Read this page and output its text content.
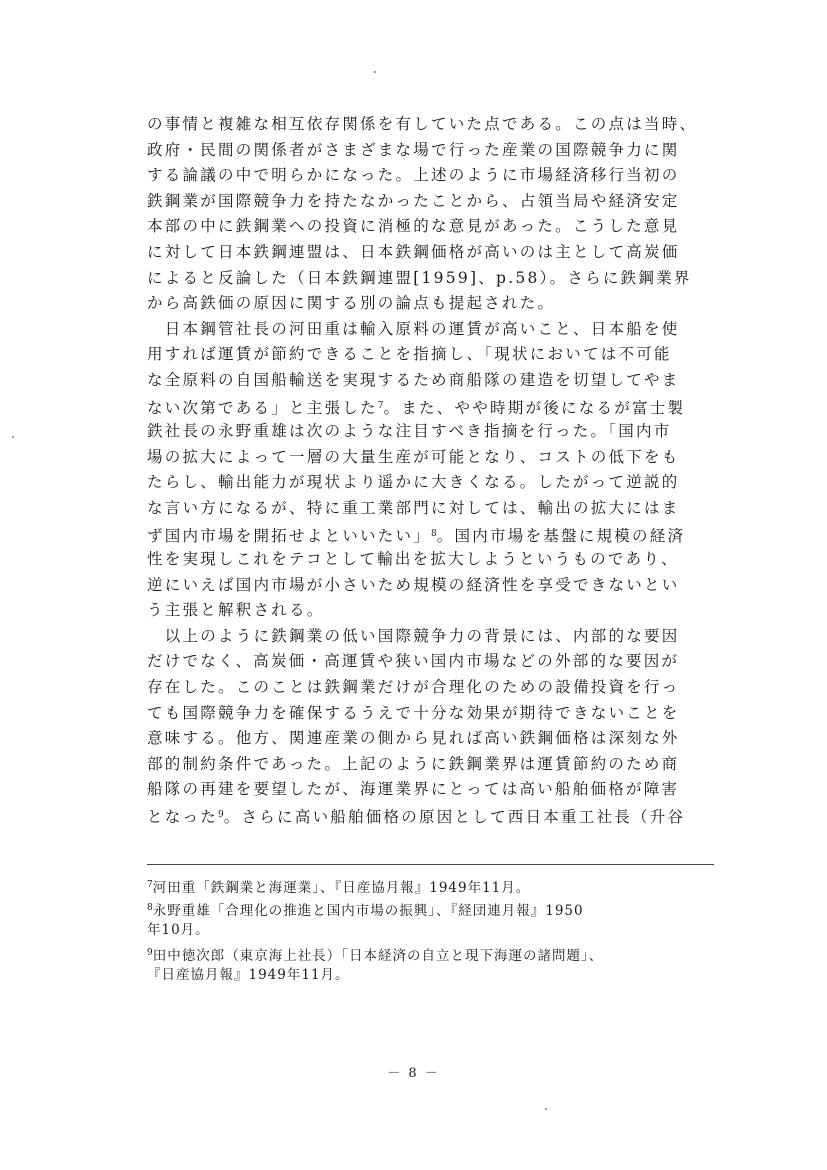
の事情と複雑な相互依存関係を有していた点である。この点は当時、
政府・民間の関係者がさまざまな場で行った産業の国際競争力に関
する論議の中で明らかになった。上述のように市場経済移行当初の
鉄鋼業が国際競争力を持たなかったことから、占領当局や経済安定
本部の中に鉄鋼業への投資に消極的な意見があった。こうした意見
に対して日本鉄鋼連盟は、日本鉄鋼価格が高いのは主として高炭価
によると反論した（日本鉄鋼連盟[1959]、p.58）。さらに鉄鋼業界
から高鉄価の原因に関する別の論点も提起された。
　日本鋼管社長の河田重は輸入原料の運賃が高いこと、日本船を使
用すれば運賃が節約できることを指摘し、「現状においては不可能
な全原料の自国船輸送を実現するため商船隊の建造を切望してやま
ない次第である」と主張した$^7$。また、やや時期が後になるが富士製
鉄社長の永野重雄は次のような注目すべき指摘を行った。「国内市
場の拡大によって一層の大量生産が可能となり、コストの低下をも
たらし、輸出能力が現状より遥かに大きくなる。したがって逆説的
な言い方になるが、特に重工業部門に対しては、輸出の拡大にはま
ず国内市場を開拓せよといいたい」$^8$。国内市場を基盤に規模の経済
性を実現しこれをテコとして輸出を拡大しようというものであり、
逆にいえば国内市場が小さいため規模の経済性を享受できないとい
う主張と解釈される。
　以上のように鉄鋼業の低い国際競争力の背景には、内部的な要因
だけでなく、高炭価・高運賃や狭い国内市場などの外部的な要因が
存在した。このことは鉄鋼業だけが合理化のための設備投資を行っ
ても国際競争力を確保するうえで十分な効果が期待できないことを
意味する。他方、関連産業の側から見れば高い鉄鋼価格は深刻な外
部的制約条件であった。上記のように鉄鋼業界は運賃節約のため商
船隊の再建を要望したが、海運業界にとっては高い船舶価格が障害
となった$^9$。さらに高い船舶価格の原因として西日本重工社長（升谷
$^7$河田重「鉄鋼業と海運業」、『日産協月報』1949年11月。
$^8$永野重雄「合理化の推進と国内市場の振興」、『経団連月報』1950
年10月。
$^9$田中徳次郎（東京海上社長）「日本経済の自立と現下海運の諸問題」、
『日産協月報』1949年11月。
－ 8 －
